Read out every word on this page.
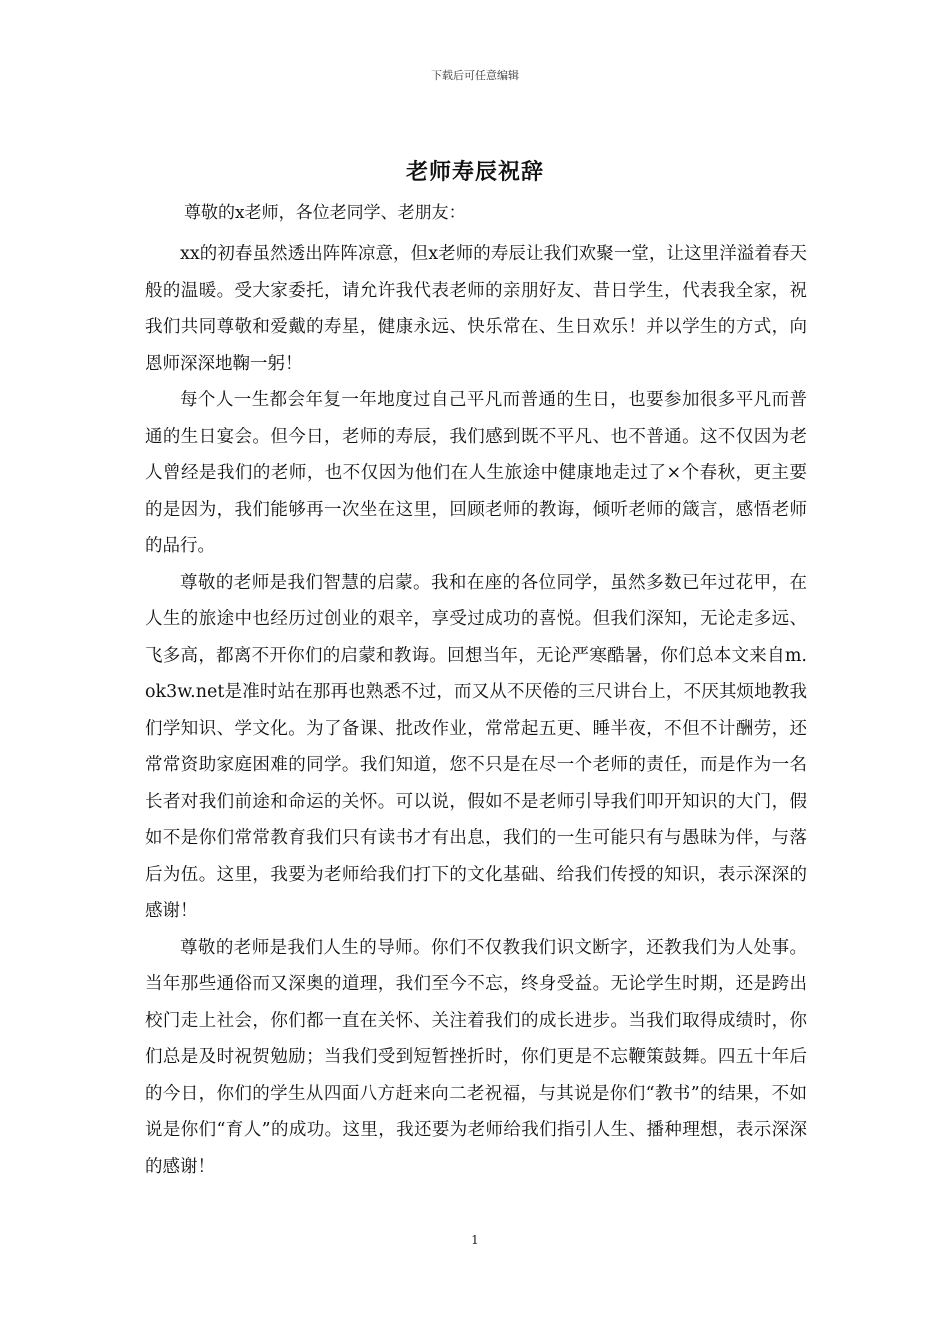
下载后可任意编辑
老师寿辰祝辞
尊敬的x老师，各位老同学、老朋友：

xx的初春虽然透出阵阵凉意，但x老师的寿辰让我们欢聚一堂，让这里洋溢着春天般的温暖。受大家委托，请允许我代表老师的亲朋好友、昔日学生，代表我全家，祝我们共同尊敬和爱戴的寿星，健康永远、快乐常在、生日欢乐！并以学生的方式，向恩师深深地鞠一躬！

每个人一生都会年复一年地度过自己平凡而普通的生日，也要参加很多平凡而普通的生日宴会。但今日，老师的寿辰，我们感到既不平凡、也不普通。这不仅因为老人曾经是我们的老师，也不仅因为他们在人生旅途中健康地走过了×个春秋，更主要的是因为，我们能够再一次坐在这里，回顾老师的教诲，倾听老师的箴言，感悟老师的品行。

尊敬的老师是我们智慧的启蒙。我和在座的各位同学，虽然多数已年过花甲，在人生的旅途中也经历过创业的艰辛，享受过成功的喜悦。但我们深知，无论走多远、飞多高，都离不开你们的启蒙和教诲。回想当年，无论严寒酷暑，你们总本文来自m.ok3w.net是准时站在那再也熟悉不过，而又从不厌倦的三尺讲台上，不厌其烦地教我们学知识、学文化。为了备课、批改作业，常常起五更、睡半夜，不但不计酬劳，还常常资助家庭困难的同学。我们知道，您不只是在尽一个老师的责任，而是作为一名长者对我们前途和命运的关怀。可以说，假如不是老师引导我们叩开知识的大门，假如不是你们常常教育我们只有读书才有出息，我们的一生可能只有与愚昧为伴，与落后为伍。这里，我要为老师给我们打下的文化基础、给我们传授的知识，表示深深的感谢！

尊敬的老师是我们人生的导师。你们不仅教我们识文断字，还教我们为人处事。当年那些通俗而又深奥的道理，我们至今不忘，终身受益。无论学生时期，还是跨出校门走上社会，你们都一直在关怀、关注着我们的成长进步。当我们取得成绩时，你们总是及时祝贺勉励；当我们受到短暂挫折时，你们更是不忘鞭策鼓舞。四五十年后的今日，你们的学生从四面八方赶来向二老祝福，与其说是你们“教书”的结果，不如说是你们“育人”的成功。这里，我还要为老师给我们指引人生、播种理想，表示深深的感谢！

1
